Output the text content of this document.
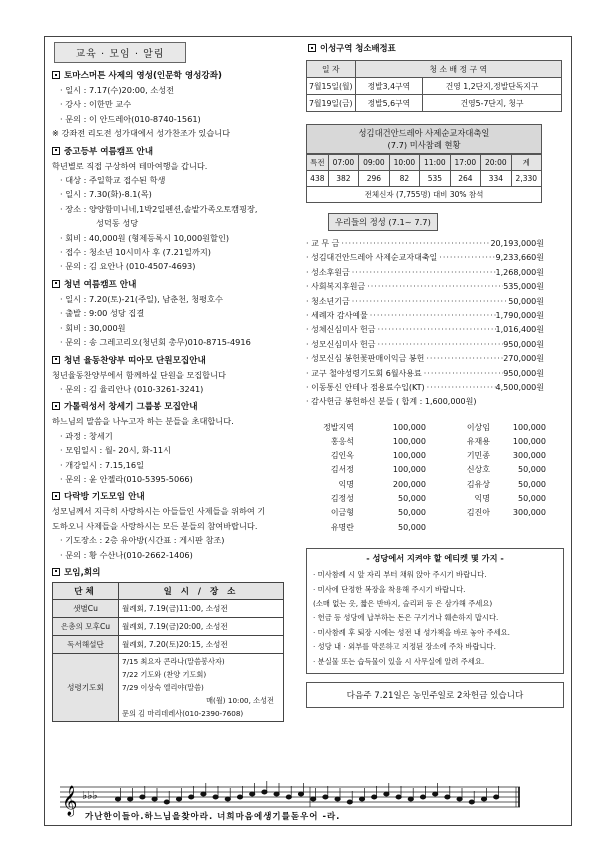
교육 · 모임 · 알림
토마스머튼 사제의 영성(인문학 영성강좌)
· 일시 : 7.17(수)20:00, 소성전
· 강사 : 이한만 교수
· 문의 : 이 안드레아(010-8740-1561)
※ 강좌전 리도전 성가대에서 성가찬조가 있습니다
중고등부 여름캠프 안내
학년별로 직접 구상하여 테마여행을 갑니다.
· 대상 : 주일학교 접수된 학생
· 일시 : 7.30(화)-8.1(목)
· 장소 : 양양함미니네,1박2일펜션,솔밭가족오토캠핑장,
성덕동 성당
· 회비 : 40,000원 (형제등록시 10,000원할인)
· 접수 : 청소년 10시미사 후 (7.21일까지)
· 문의 : 김 요안나 (010-4507-4693)
청년 여름캠프 안내
· 일시 : 7.20(토)-21(주일), 남춘천, 청평호수
· 출발 : 9:00 성당 집결
· 회비 : 30,000원
· 문의 : 송 그레고리오(청년회 총무)010-8715-4916
청년 율동찬양부 띠아모 단원모집안내
청년율동찬양부에서 함께하실 단원을 모집합니다
· 문의 : 김 율리안나 (010-3261-3241)
가톨릭성서 창세기 그룹봉 모집안내
하느님의 말씀을 나누고자 하는 분들을 초대합니다.
· 과정 : 창세기
· 모임일시 : 월- 20시, 화-11시
· 개강일시 : 7.15,16일
· 문의 : 윤 안젤라(010-5395-5066)
다락방 기도모임 안내
성모님께서 지극히 사랑하시는 아들들인 사제들을 위하여 기
도하오니 사제들을 사랑하시는 모든 분들의 참여바랍니다.
· 기도장소 : 2층 유아방(시간표 : 게시판 참조)
· 문의 : 황 수산나(010-2662-1406)
모임,회의
단체	일 시 / 장 소
샛별Cu	월례회, 7.19(금)11:00, 소성전
은총의 모후Cu	월례회, 7.19(금)20:00, 소성전
독서해설단	월례회, 7.20(토)20:15, 소성전
성령기도회	7/15 최요자 콘라나(말씀봉사자)
7/22 기도와 (찬양 기도회)
7/29 이상숙 엘리야(말씀)
매(월) 10:00, 소성전
문의 김 마리데레사(010-2390-7608)
이성구역 청소배정표
일 자	청 소 배 정 구 역	
7월15일(월)	정발3,4구역	건영 1,2단지,정발단독지구
7월19일(금)	정발5,6구역	건영5-7단지, 청구
성김대건안드레아 사제순교자대축일
(7.7) 미사참례 현황
특전	07:00	09:00	10:00	11:00	17:00	20:00	계
438	382	296	82	535	264	334	2,330
전체신자 (7,755명) 대비 30% 참석							
우리들의 정성 (7.1~ 7.7)
· 교 무 금 ·····	20,193,000원
· 성김대건안드레아 사제순교자대축일 ·····	9,233,660원
· 성소후원금 ·····	1,268,000원
· 사회복지후원금 ·····	535,000원
· 청소년기금 ·····	50,000원
· 세례자 감사예물 ·····	1,790,000원
· 성체신심미사 헌금 ·····	1,016,400원
· 성모신심미사 헌금 ·····	950,000원
· 성모신심 봉헌꽃판매이익금 봉헌 ·····	270,000원
· 교구 철야성령기도회 6월사용료 ·····	950,000원
· 이동통신 안테나 점용료수입(KT) ·····	4,500,000원
· 감사헌금 봉헌하신 분들 ( 합계 : 1,600,000원)
정발지역	100,000	이상임	100,000
홍응석	100,000	유재용	100,000
김인옥	100,000	기민종	300,000
김서정	100,000	신상호	50,000
익명	200,000	김유상	50,000
김정성	50,000	익명	50,000
이금형	50,000	김진아	300,000
유명란	50,000		
- 성당에서 지켜야 할 에티켓 몇 가지 -
· 미사참례 시 앞 자리 부터 채워 앉아 주시기 바랍니다.
· 미사에 단정한 복장을 착용해 주시기 바랍니다.
(소매 없는 옷, 짧은 반바지, 슬리퍼 등 은 삼가해 주세요)
· 헌금 등 성당에 납부하는 돈은 구기거나 훼손하지 맙시다.
· 미사참례 후 퇴장 시에는 성전 내 성가책을 바로 놓아 주세요.
· 성당 내 · 외부를 막론하고 지정된 장소에 주차 바랍니다.
· 분실물 또는 습득물이 있을 시 사무실에 알려 주세요.
다음주 7.21일은 농민주일로 2차헌금 있습니다
𝄞 ♭♭♭
가난한이들아.하느님을찾아라. 너희마음에생기를돋우어 -라.
